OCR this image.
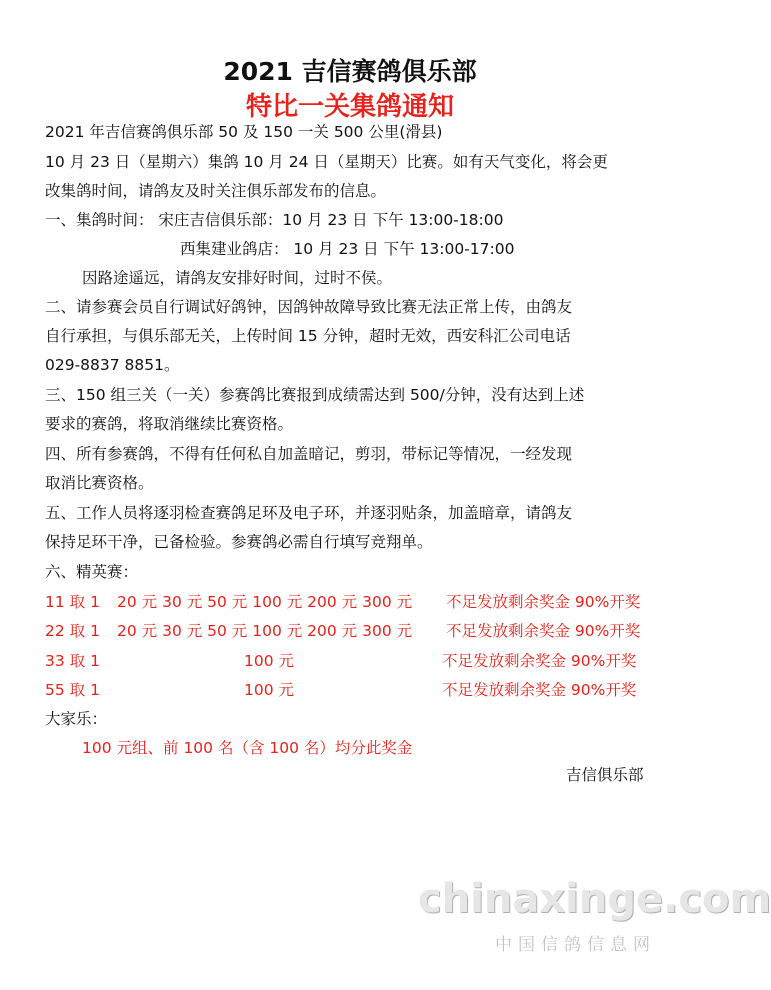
2021 吉信赛鸽俱乐部
特比一关集鸽通知
2021 年吉信赛鸽俱乐部 50 及 150 一关 500 公里(滑县)
10 月 23 日（星期六）集鸽 10 月 24 日（星期天）比赛。如有天气变化，将会更
改集鸽时间，请鸽友及时关注俱乐部发布的信息。
一、集鸽时间： 宋庄吉信俱乐部：10 月 23 日 下午 13:00-18:00
西集建业鸽店： 10 月 23 日 下午 13:00-17:00
因路途遥远，请鸽友安排好时间，过时不侯。
二、请参赛会员自行调试好鸽钟，因鸽钟故障导致比赛无法正常上传，由鸽友
自行承担，与俱乐部无关，上传时间 15 分钟，超时无效，西安科汇公司电话
029-8837 8851。
三、150 组三关（一关）参赛鸽比赛报到成绩需达到 500/分钟，没有达到上述
要求的赛鸽，将取消继续比赛资格。
四、所有参赛鸽，不得有任何私自加盖暗记，剪羽，带标记等情况，一经发现
取消比赛资格。
五、工作人员将逐羽检查赛鸽足环及电子环，并逐羽贴条，加盖暗章，请鸽友
保持足环干净，已备检验。参赛鸽必需自行填写竞翔单。
六、精英赛：
11 取 1 20 元 30 元 50 元 100 元 200 元 300 元 不足发放剩余奖金 90%开奖
22 取 1 20 元 30 元 50 元 100 元 200 元 300 元 不足发放剩余奖金 90%开奖
33 取 1	100 元	不足发放剩余奖金 90%开奖
55 取 1	100 元	不足发放剩余奖金 90%开奖
大家乐：
100 元组、前 100 名（含 100 名）均分此奖金
吉信俱乐部
chinaxinge.com
中国信鸽信息网
